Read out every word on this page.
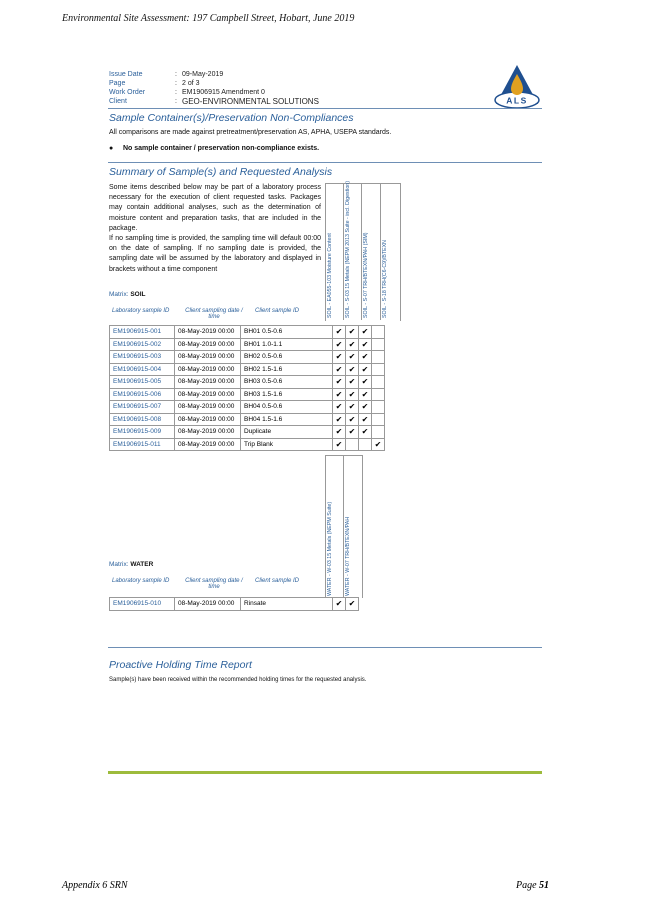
Environmental Site Assessment: 197 Campbell Street, Hobart, June 2019
Issue Date	: 09-May-2019
Page	: 2 of 3
Work Order	: EM1906915 Amendment 0
Client	: GEO-ENVIRONMENTAL SOLUTIONS	ALS
Sample Container(s)/Preservation Non-Compliances
All comparisons are made against pretreatment/preservation AS, APHA, USEPA standards.
● No sample container / preservation non-compliance exists.
Summary of Sample(s) and Requested Analysis

Some items described below may be part of a laboratory process necessary for the execution of client requested tasks. Packages may contain additional analyses, such as the determination of moisture content and preparation tasks, that are included in the package.

If no sampling time is provided, the sampling time will default 00:00 on the date of sampling. If no sampling date is provided, the sampling date will be assumed by the laboratory and displayed in brackets without a time component	SOIL - EA055-103 Moisture Content SOIL - S-03 15 Metals (NEPM 2013 Suite - incl. Digestion) SOIL - S-07 TRH/BTEXN/PAH (SIM) SOIL - S-18 TRH(C6-C9)/BTEXN
Matrix: SOIL
Laboratory sample ID	Client sampling date / time
Client sample ID
EM1906915-001	08-May-2019 00:00	BH01 0.5-0.6	✔	✔	✔	
EM1906915-002	08-May-2019 00:00	BH01 1.0-1.1	✔	✔	✔	
EM1906915-003	08-May-2019 00:00	BH02 0.5-0.6	✔	✔	✔	
EM1906915-004	08-May-2019 00:00	BH02 1.5-1.6	✔	✔	✔	
EM1906915-005	08-May-2019 00:00	BH03 0.5-0.6	✔	✔	✔	
EM1906915-006	08-May-2019 00:00	BH03 1.5-1.6	✔	✔	✔	
EM1906915-007	08-May-2019 00:00	BH04 0.5-0.6	✔	✔	✔	
EM1906915-008	08-May-2019 00:00	BH04 1.5-1.6	✔	✔	✔	
EM1906915-009	08-May-2019 00:00	Duplicate	✔	✔	✔	
EM1906915-011	08-May-2019 00:00	Trip Blank	✔			✔
WATER - W-03 15 Metals (NEPM Suite) WATER - W-07 TRH/BTEXN/PAH
Matrix: WATER
Laboratory sample ID	Client sampling date / time
Client sample ID
EM1906915-010	08-May-2019 00:00	Rinsate	✔	✔
Proactive Holding Time Report
Sample(s) have been received within the recommended holding times for the requested analysis.
Appendix 6 SRN	Page 51
